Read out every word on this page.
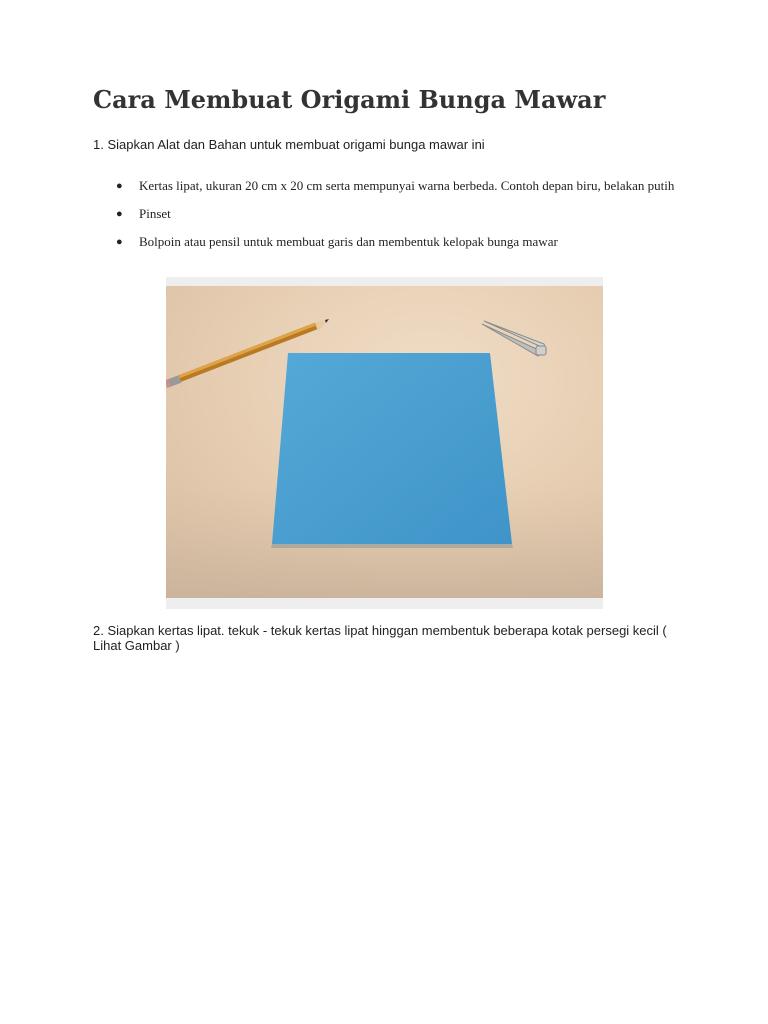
Cara Membuat Origami Bunga Mawar

1. Siapkan Alat dan Bahan untuk membuat origami bunga mawar ini

● Kertas lipat, ukuran 20 cm x 20 cm serta mempunyai warna berbeda. Contoh depan biru, belakan putih
● Pinset
● Bolpoin atau pensil untuk membuat garis dan membentuk kelopak bunga mawar

2. Siapkan kertas lipat. tekuk - tekuk kertas lipat hinggan membentuk beberapa kotak persegi kecil ( Lihat Gambar )
